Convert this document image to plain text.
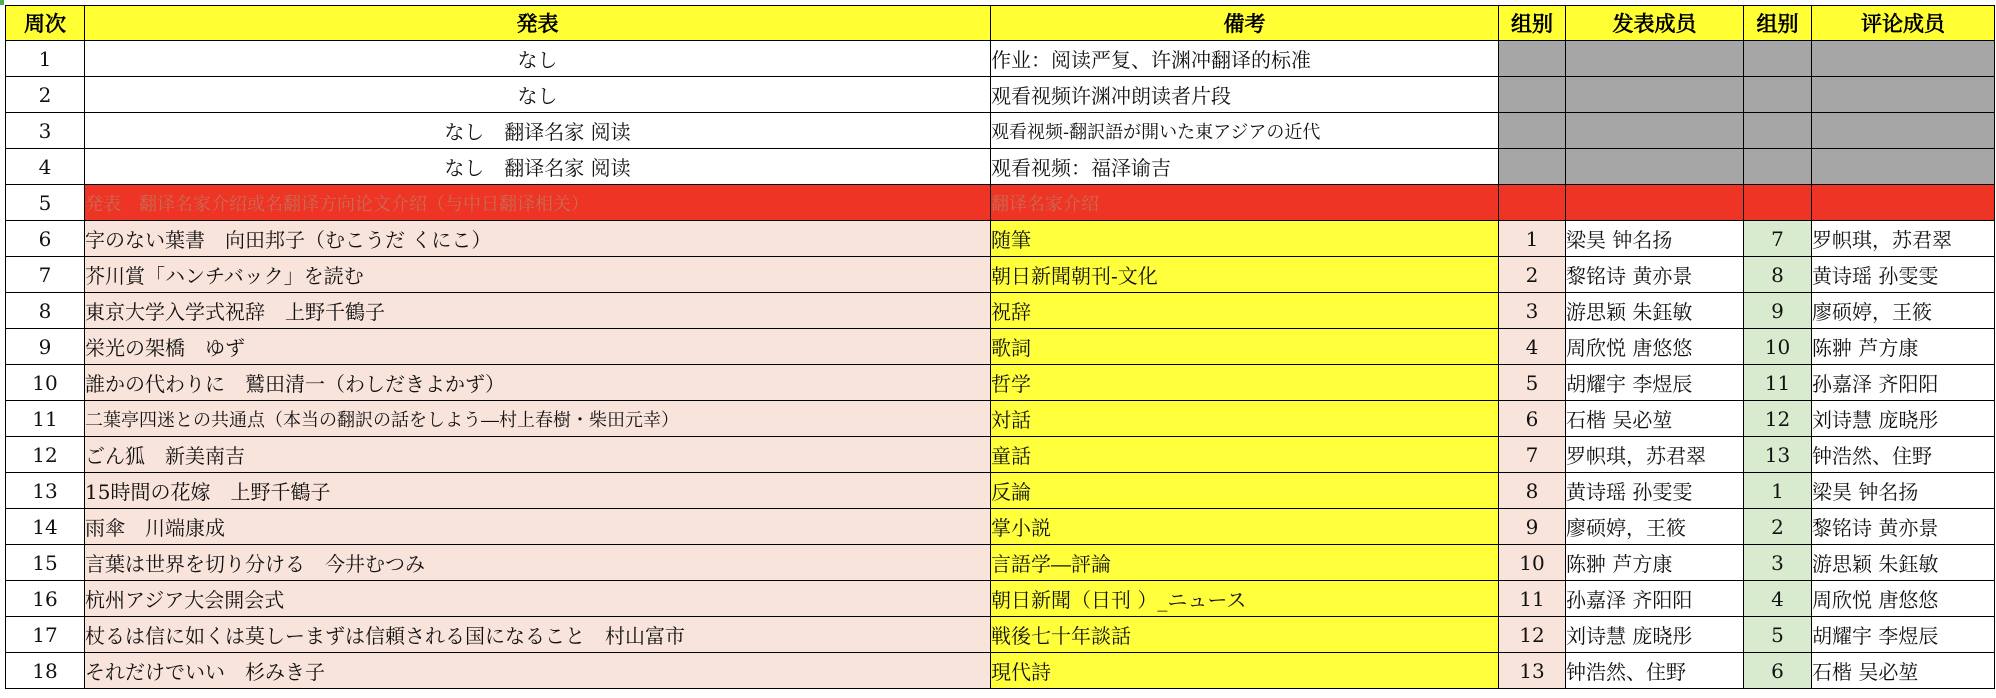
周次	発表	備考	组别	发表成员	组别	评论成员
1	なし	作业：阅读严复、许渊冲翻译的标准				
2	なし	观看视频许渊冲朗读者片段				
3	なし　翻译名家 阅读	观看视频-翻訳語が開いた東アジアの近代				
4	なし　翻译名家 阅读	观看视频：福泽谕吉				
5	発表　翻译名家介绍或名翻译方向论文介绍（与中日翻译相关）	翻译名家介绍				
6	字のない葉書　向田邦子（むこうだ くにこ）	随筆	1	梁昊 钟名扬	7	罗帜琪，苏君翠
7	芥川賞「ハンチバック」を読む	朝日新聞朝刊-文化	2	黎铭诗 黄亦景	8	黄诗瑶 孙雯雯
8	東京大学入学式祝辞　上野千鶴子	祝辞	3	游思颖 朱鈺敏	9	廖硕婷，王筱
9	栄光の架橋　ゆず	歌詞	4	周欣悦 唐悠悠	10	陈翀 芦方康
10	誰かの代わりに　鷲田清一（わしだきよかず）	哲学	5	胡耀宇 李煜辰	11	孙嘉泽 齐阳阳
11	二葉亭四迷との共通点（本当の翻訳の話をしよう―村上春樹・柴田元幸）	対話	6	石楷 吴必堃	12	刘诗慧 庞晓彤
12	ごん狐　新美南吉	童話	7	罗帜琪，苏君翠	13	钟浩然、住野
13	15時間の花嫁　上野千鶴子	反論	8	黄诗瑶 孙雯雯	1	梁昊 钟名扬
14	雨傘　川端康成	掌小説	9	廖硕婷，王筱	2	黎铭诗 黄亦景
15	言葉は世界を切り分ける　今井むつみ	言語学―評論	10	陈翀 芦方康	3	游思颖 朱鈺敏
16	杭州アジア大会開会式	朝日新聞（日刊 ）_ニュース	11	孙嘉泽 齐阳阳	4	周欣悦 唐悠悠
17	杖るは信に如くは莫しーまずは信頼される国になること　村山富市	戦後七十年談話	12	刘诗慧 庞晓彤	5	胡耀宇 李煜辰
18	それだけでいい　杉みき子	現代詩	13	钟浩然、住野	6	石楷 吴必堃
